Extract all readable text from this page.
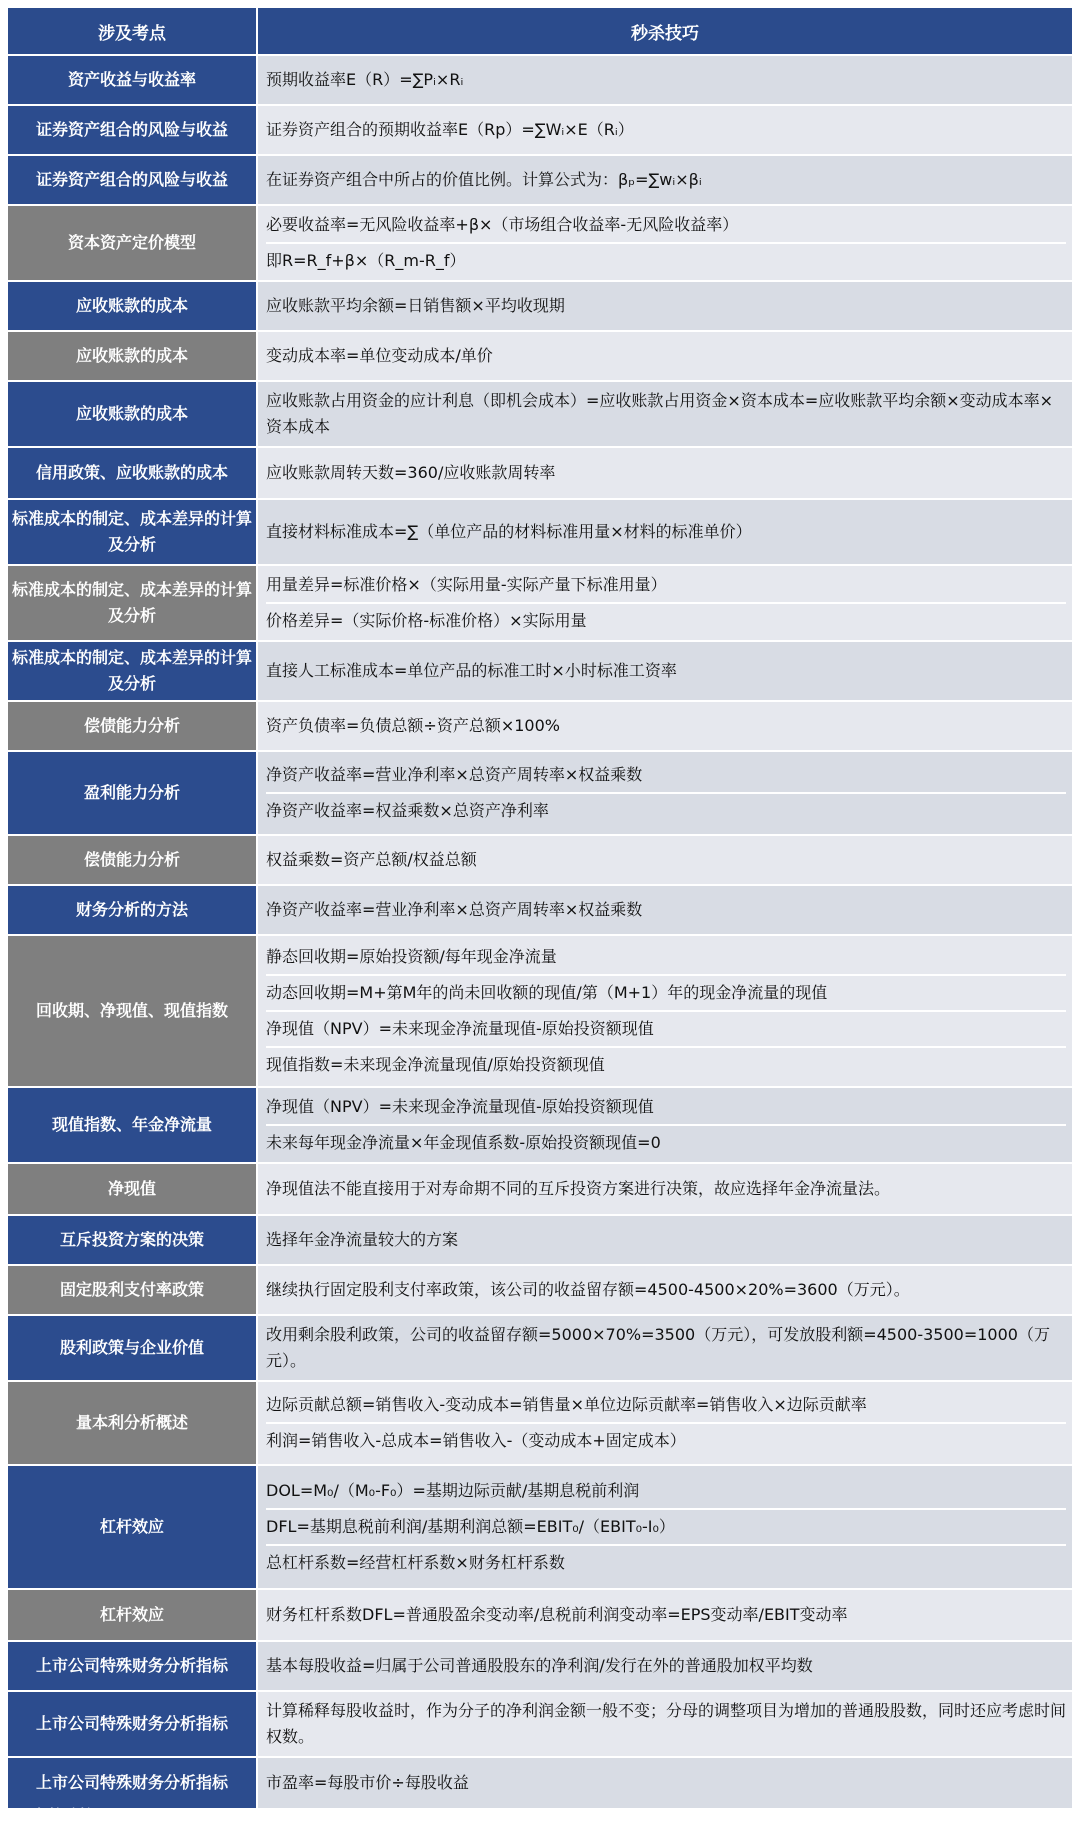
涉及考点	秒杀技巧
资产收益与收益率	预期收益率E（R）=∑Pᵢ×Rᵢ

证券资产组合的风险与收益	证券资产组合的预期收益率E（Rp）=∑Wᵢ×E（Rᵢ）

证券资产组合的风险与收益	在证券资产组合中所占的价值比例。计算公式为：βₚ=∑wᵢ×βᵢ

资本资产定价模型	必要收益率=无风险收益率+β×（市场组合收益率-无风险收益率）
即R=R_f+β×（R_m-R_f）

应收账款的成本	应收账款平均余额=日销售额×平均收现期

应收账款的成本	变动成本率=单位变动成本/单价

应收账款的成本	应收账款占用资金的应计利息（即机会成本）=应收账款占用资金×资本成本=应收账款平均余额×变动成本率×资本成本

信用政策、应收账款的成本	应收账款周转天数=360/应收账款周转率

标准成本的制定、成本差异的计算及分析	直接材料标准成本=∑（单位产品的材料标准用量×材料的标准单价）

标准成本的制定、成本差异的计算及分析	用量差异=标准价格×（实际用量-实际产量下标准用量）
价格差异=（实际价格-标准价格）×实际用量

标准成本的制定、成本差异的计算及分析	直接人工标准成本=单位产品的标准工时×小时标准工资率

偿债能力分析	资产负债率=负债总额÷资产总额×100%

盈利能力分析	净资产收益率=营业净利率×总资产周转率×权益乘数
净资产收益率=权益乘数×总资产净利率

偿债能力分析	权益乘数=资产总额/权益总额

财务分析的方法	净资产收益率=营业净利率×总资产周转率×权益乘数

回收期、净现值、现值指数	静态回收期=原始投资额/每年现金净流量
动态回收期=M+第M年的尚未回收额的现值/第（M+1）年的现金净流量的现值
净现值（NPV）=未来现金净流量现值-原始投资额现值
现值指数=未来现金净流量现值/原始投资额现值

现值指数、年金净流量	净现值（NPV）=未来现金净流量现值-原始投资额现值
未来每年现金净流量×年金现值系数-原始投资额现值=0

净现值	净现值法不能直接用于对寿命期不同的互斥投资方案进行决策，故应选择年金净流量法。

互斥投资方案的决策	选择年金净流量较大的方案

固定股利支付率政策	继续执行固定股利支付率政策，该公司的收益留存额=4500-4500×20%=3600（万元）。

股利政策与企业价值	改用剩余股利政策，公司的收益留存额=5000×70%=3500（万元），可发放股利额=4500-3500=1000（万元）。

量本利分析概述	边际贡献总额=销售收入-变动成本=销售量×单位边际贡献率=销售收入×边际贡献率
利润=销售收入-总成本=销售收入-（变动成本+固定成本）

杠杆效应	DOL=M₀/（M₀-F₀）=基期边际贡献/基期息税前利润
DFL=基期息税前利润/基期利润总额=EBIT₀/（EBIT₀-I₀）
总杠杆系数=经营杠杆系数×财务杠杆系数

杠杆效应	财务杠杆系数DFL=普通股盈余变动率/息税前利润变动率=EPS变动率/EBIT变动率

上市公司特殊财务分析指标	基本每股收益=归属于公司普通股股东的净利润/发行在外的普通股加权平均数

上市公司特殊财务分析指标	计算稀释每股收益时，作为分子的净利润金额一般不变；分母的调整项目为增加的普通股股数，同时还应考虑时间权数。

上市公司特殊财务分析指标	市盈率=每股市价÷每股收益
© 大数跨境
